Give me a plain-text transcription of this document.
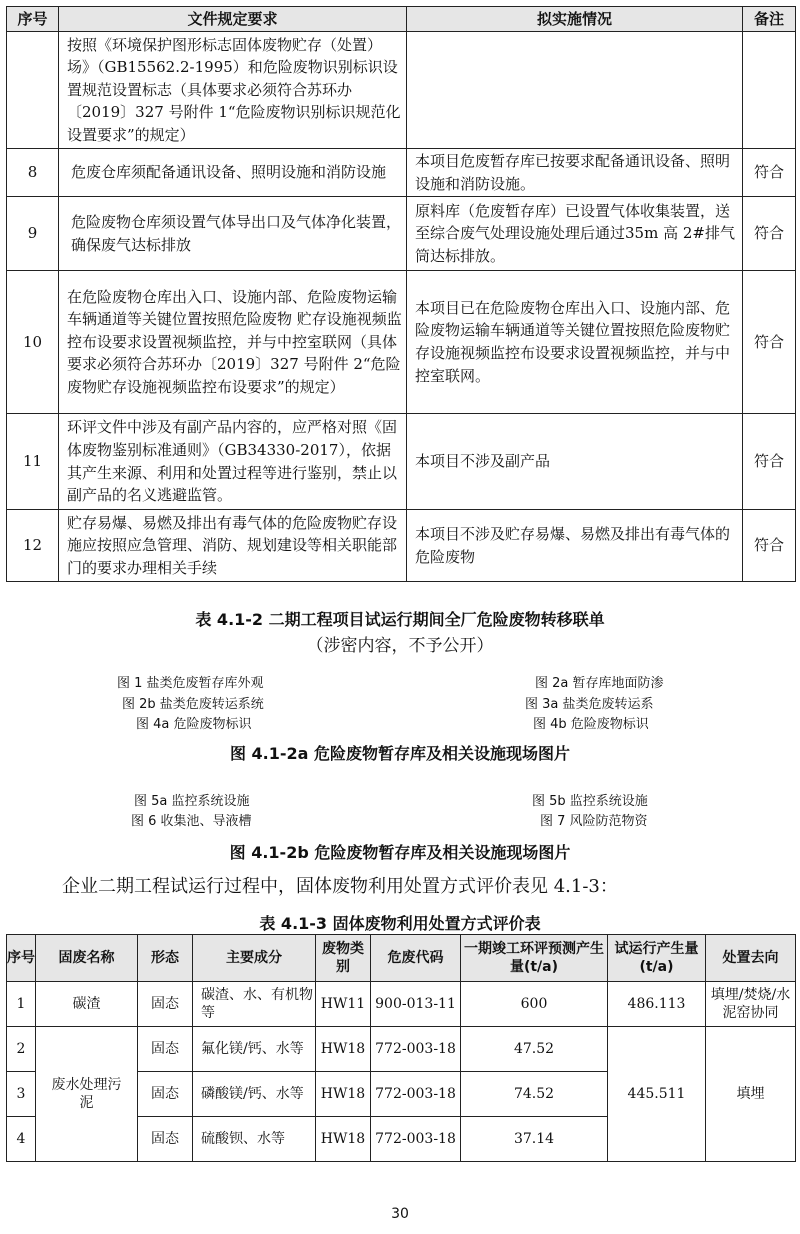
序号	文件规定要求	拟实施情况	备注
	按照《环境保护图形标志固体废物贮存（处置）场》（GB15562.2-1995）和危险废物识别标识设置规范设置标志（具体要求必须符合苏环办〔2019〕327 号附件 1“危险废物识别标识规范化设置要求”的规定）		
8	危废仓库须配备通讯设备、照明设施和消防设施	本项目危废暂存库已按要求配备通讯设备、照明设施和消防设施。	符合
9	危险废物仓库须设置气体导出口及气体净化装置，确保废气达标排放	原料库（危废暂存库）已设置气体收集装置，送至综合废气处理设施处理后通过35m 高 2#排气筒达标排放。	符合
10	在危险废物仓库出入口、设施内部、危险废物运输车辆通道等关键位置按照危险废物 贮存设施视频监控布设要求设置视频监控，并与中控室联网（具体要求必须符合苏环办〔2019〕327 号附件 2“危险废物贮存设施视频监控布设要求”的规定）	本项目已在危险废物仓库出入口、设施内部、危险废物运输车辆通道等关键位置按照危险废物贮存设施视频监控布设要求设置视频监控，并与中控室联网。	符合
11	环评文件中涉及有副产品内容的，应严格对照《固体废物鉴别标准通则》（GB34330-2017），依据其产生来源、利用和处置过程等进行鉴别，禁止以副产品的名义逃避监管。	本项目不涉及副产品	符合
12	贮存易爆、易燃及排出有毒气体的危险废物贮存设施应按照应急管理、消防、规划建设等相关职能部门的要求办理相关手续	本项目不涉及贮存易爆、易燃及排出有毒气体的危险废物	符合
表 4.1-2 二期工程项目试运行期间全厂危险废物转移联单
（涉密内容，不予公开）
图 1 盐类危废暂存库外观
图 2b 盐类危废转运系统
图 4a 危险废物标识
图 2a 暂存库地面防渗
图 3a 盐类危废转运系
图 4b 危险废物标识
图 4.1-2a 危险废物暂存库及相关设施现场图片
图 5a 监控系统设施
图 6 收集池、导液槽
图 5b 监控系统设施
图 7 风险防范物资
图 4.1-2b 危险废物暂存库及相关设施现场图片
企业二期工程试运行过程中，固体废物利用处置方式评价表见 4.1-3：
表 4.1-3 固体废物利用处置方式评价表
序号	固废名称	形态	主要成分	废物类别	危废代码	一期竣工环评预测产生量(t/a)	试运行产生量(t/a)	处置去向
1	碳渣	固态	碳渣、水、有机物等	HW11	900-013-11	600	486.113	填埋/焚烧/水泥窑协同
2	废水处理污泥	固态	氟化镁/钙、水等	HW18	772-003-18	47.52	445.511	填埋
3		固态	磷酸镁/钙、水等	HW18	772-003-18	74.52		
4		固态	硫酸钡、水等	HW18	772-003-18	37.14		
30
